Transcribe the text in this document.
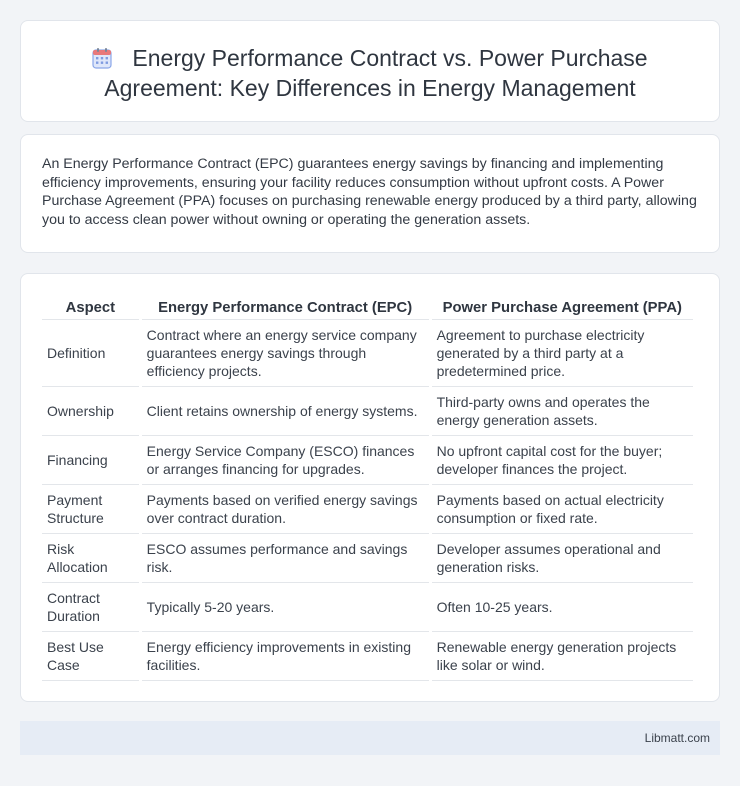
Energy Performance Contract vs. Power Purchase
Agreement: Key Differences in Energy Management

An Energy Performance Contract (EPC) guarantees energy savings by financing and implementing efficiency improvements, ensuring your facility reduces consumption without upfront costs. A Power Purchase Agreement (PPA) focuses on purchasing renewable energy produced by a third party, allowing you to access clean power without owning or operating the generation assets.

Aspect	Energy Performance Contract (EPC)	Power Purchase Agreement (PPA)
Definition	Contract where an energy service company guarantees energy savings through efficiency projects.	Agreement to purchase electricity generated by a third party at a predetermined price.
Ownership	Client retains ownership of energy systems.	Third-party owns and operates the energy generation assets.
Financing	Energy Service Company (ESCO) finances or arranges financing for upgrades.	No upfront capital cost for the buyer; developer finances the project.
Payment Structure	Payments based on verified energy savings over contract duration.	Payments based on actual electricity consumption or fixed rate.
Risk Allocation	ESCO assumes performance and savings risk.	Developer assumes operational and generation risks.
Contract Duration	Typically 5-20 years.	Often 10-25 years.
Best Use Case	Energy efficiency improvements in existing facilities.	Renewable energy generation projects like solar or wind.
Libmatt.com
